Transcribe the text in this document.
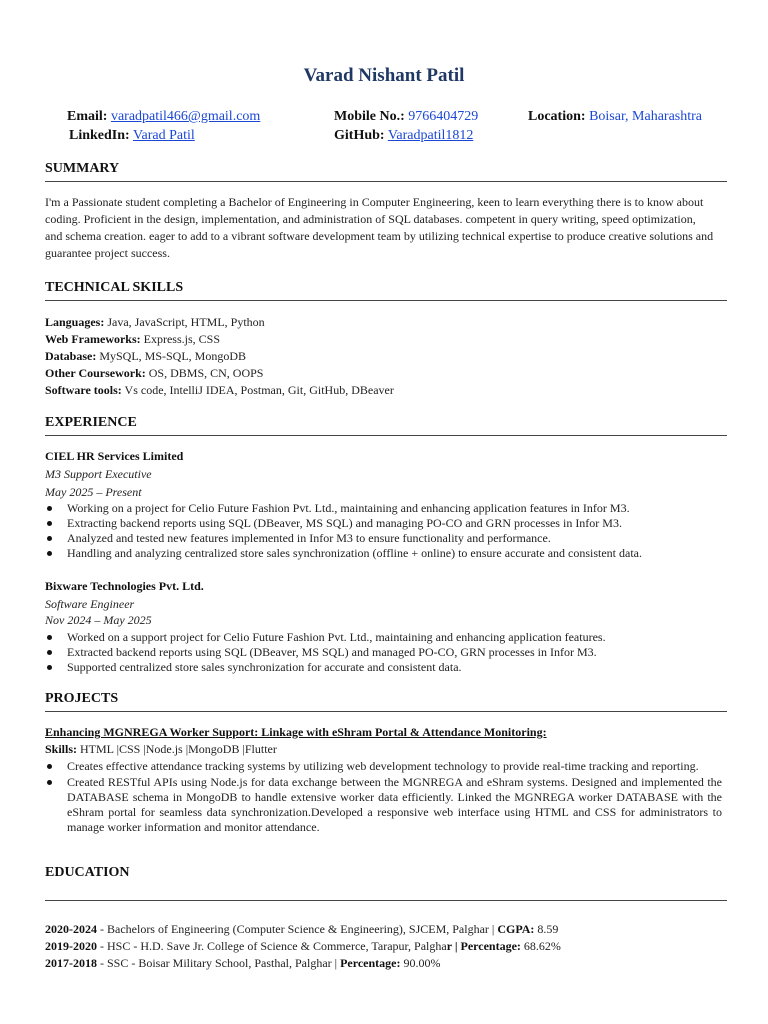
Varad Nishant Patil
Email: varadpatil466@gmail.com
LinkedIn: Varad Patil
Mobile No.: 9766404729
GitHub: Varadpatil1812
Location: Boisar, Maharashtra
SUMMARY
I'm a Passionate student completing a Bachelor of Engineering in Computer Engineering, keen to learn everything there is to know about coding. Proficient in the design, implementation, and administration of SQL databases. competent in query writing, speed optimization, and schema creation. eager to add to a vibrant software development team by utilizing technical expertise to produce creative solutions and guarantee project success.
TECHNICAL SKILLS
Languages: Java, JavaScript, HTML, Python
Web Frameworks: Express.js, CSS
Database: MySQL, MS-SQL, MongoDB
Other Coursework: OS, DBMS, CN, OOPS
Software tools: Vs code, IntelliJ IDEA, Postman, Git, GitHub, DBeaver
EXPERIENCE
CIEL HR Services Limited
M3 Support Executive
May 2025 – Present
Working on a project for Celio Future Fashion Pvt. Ltd., maintaining and enhancing application features in Infor M3.
Extracting backend reports using SQL (DBeaver, MS SQL) and managing PO-CO and GRN processes in Infor M3.
Analyzed and tested new features implemented in Infor M3 to ensure functionality and performance.
Handling and analyzing centralized store sales synchronization (offline + online) to ensure accurate and consistent data.
Bixware Technologies Pvt. Ltd.
Software Engineer
Nov 2024 – May 2025
Worked on a support project for Celio Future Fashion Pvt. Ltd., maintaining and enhancing application features.
Extracted backend reports using SQL (DBeaver, MS SQL) and managed PO-CO, GRN processes in Infor M3.
Supported centralized store sales synchronization for accurate and consistent data.
PROJECTS
Enhancing MGNREGA Worker Support: Linkage with eShram Portal & Attendance Monitoring:
Skills: HTML |CSS |Node.js |MongoDB |Flutter
Creates effective attendance tracking systems by utilizing web development technology to provide real-time tracking and reporting.
Created RESTful APIs using Node.js for data exchange between the MGNREGA and eShram systems. Designed and implemented the DATABASE schema in MongoDB to handle extensive worker data efficiently. Linked the MGNREGA worker DATABASE with the eShram portal for seamless data synchronization.Developed a responsive web interface using HTML and CSS for administrators to manage worker information and monitor attendance.
EDUCATION
2020-2024 - Bachelors of Engineering (Computer Science & Engineering), SJCEM, Palghar | CGPA: 8.59
2019-2020 - HSC - H.D. Save Jr. College of Science & Commerce, Tarapur, Palghar | Percentage: 68.62%
2017-2018 - SSC - Boisar Military School, Pasthal, Palghar | Percentage: 90.00%
